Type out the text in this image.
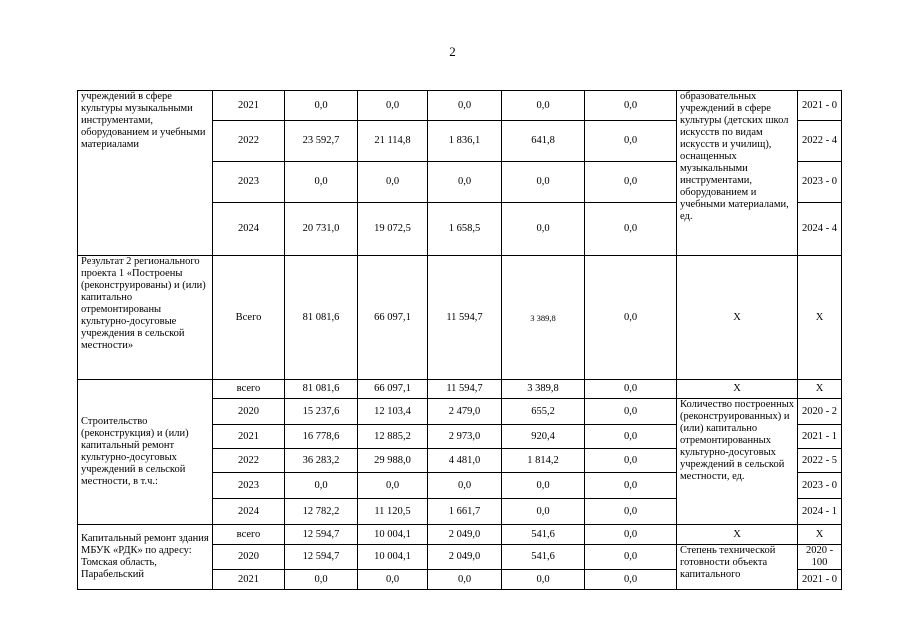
2
учреждений в сфере культуры музыкальными инструментами, оборудованием и учебными материалами	2021	0,0	0,0	0,0	0,0	0,0	образовательных учреждений в сфере культуры (детских школ искусств по видам искусств и училищ), оснащенных музыкальными инструментами, оборудованием и учебными материалами, ед.	2021 - 0
	2022	23 592,7	21 114,8	1 836,1	641,8	0,0		2022 - 4
	2023	0,0	0,0	0,0	0,0	0,0		2023 - 0
	2024	20 731,0	19 072,5	1 658,5	0,0	0,0		2024 - 4
Результат 2 регионального проекта 1 «Построены (реконструированы) и (или) капитально отремонтированы культурно-досуговые учреждения в сельской местности»	Всего	81 081,6	66 097,1	11 594,7	3 389,8	0,0	Х	Х
Строительство (реконструкция) и (или) капитальный ремонт культурно-досуговых учреждений в сельской местности, в т.ч.:	всего	81 081,6	66 097,1	11 594,7	3 389,8	0,0	Х	Х
	2020	15 237,6	12 103,4	2 479,0	655,2	0,0	Количество построенных (реконструированных) и (или) капитально отремонтированных культурно-досуговых учреждений в сельской местности, ед.	2020 - 2
	2021	16 778,6	12 885,2	2 973,0	920,4	0,0		2021 - 1
	2022	36 283,2	29 988,0	4 481,0	1 814,2	0,0		2022 - 5
	2023	0,0	0,0	0,0	0,0	0,0		2023 - 0
	2024	12 782,2	11 120,5	1 661,7	0,0	0,0		2024 - 1
Капитальный ремонт здания МБУК «РДК» по адресу: Томская область, Парабельский	всего	12 594,7	10 004,1	2 049,0	541,6	0,0	Х	Х
	2020	12 594,7	10 004,1	2 049,0	541,6	0,0	Степень технической готовности объекта капитального	2020 - 100
	2021	0,0	0,0	0,0	0,0	0,0		2021 - 0
